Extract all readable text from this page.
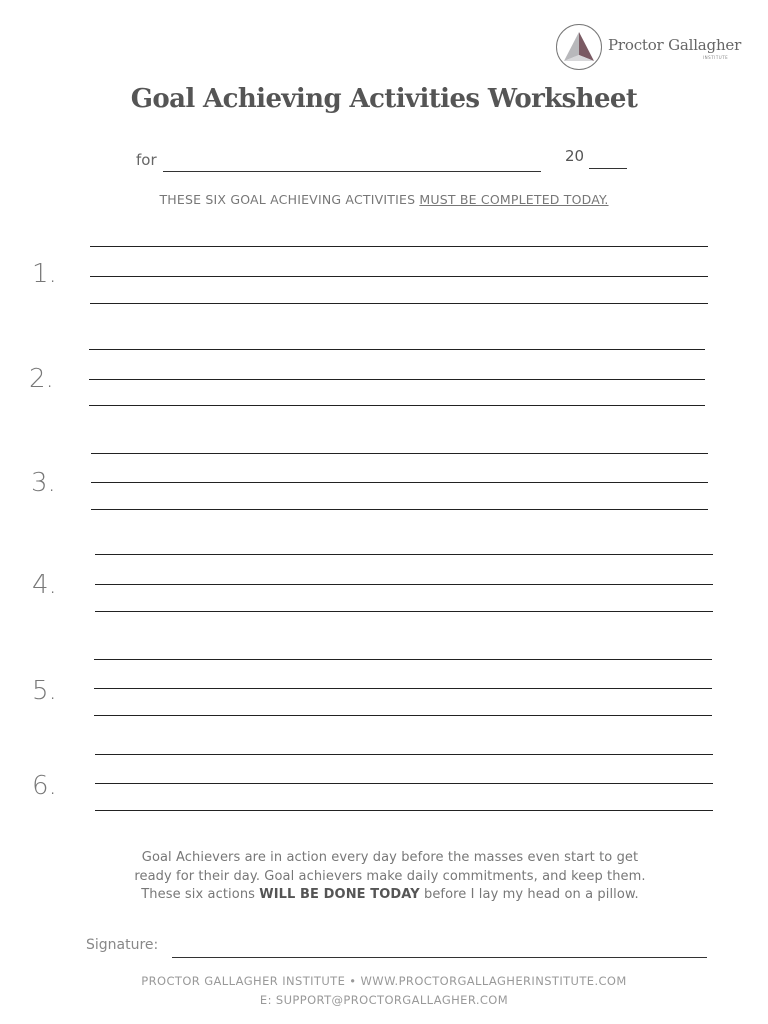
Proctor Gallagher
INSTITUTE
Goal Achieving Activities Worksheet
for	20
THESE SIX GOAL ACHIEVING ACTIVITIES MUST BE COMPLETED TODAY.
1.
2.
3.
4.
5.
6.
Goal Achievers are in action every day before the masses even start to get
ready for their day. Goal achievers make daily commitments, and keep them.
These six actions WILL BE DONE TODAY before I lay my head on a pillow.
Signature:
PROCTOR GALLAGHER INSTITUTE • WWW.PROCTORGALLAGHERINSTITUTE.COM
E: SUPPORT@PROCTORGALLAGHER.COM
